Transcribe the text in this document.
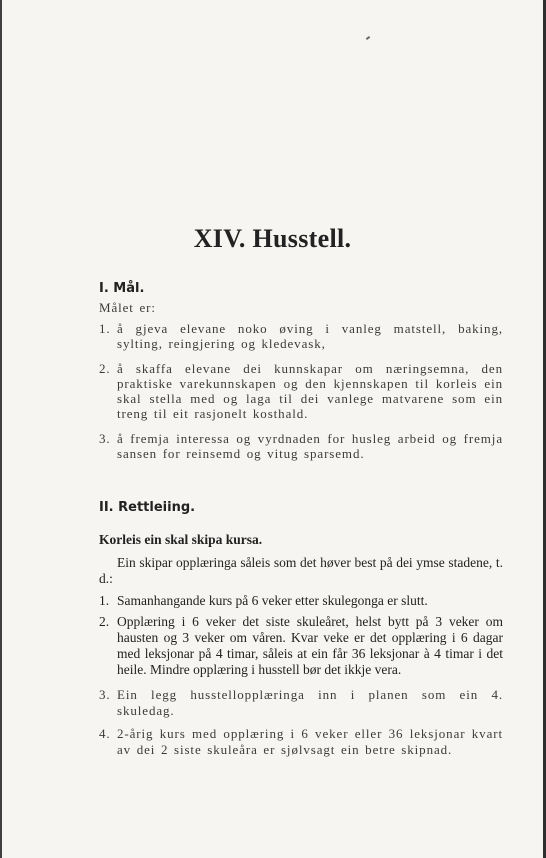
XIV. Husstell.
I. Mål.

Målet er:

1. å gjeva elevane noko øving i vanleg matstell, baking, sylting, reingjering og kledevask,
2. å skaffa elevane dei kunnskapar om næringsemna, den praktiske varekunnskapen og den kjennskapen til korleis ein skal stella med og laga til dei vanlege matvarene som ein treng til eit rasjonelt kosthald.
3. å fremja interessa og vyrdnaden for husleg arbeid og fremja sansen for reinsemd og vitug sparsemd.
II. Rettleiing.
Korleis ein skal skipa kursa.

Ein skipar opplæringa såleis som det høver best på dei ymse stadene, t. d.:

1. Samanhangande kurs på 6 veker etter skulegonga er slutt.
2. Opplæring i 6 veker det siste skuleåret, helst bytt på 3 veker om hausten og 3 veker om våren. Kvar veke er det opplæring i 6 dagar med leksjonar på 4 timar, såleis at ein får 36 leksjonar à 4 timar i det heile. Mindre opplæring i husstell bør det ikkje vera.
3. Ein legg husstellopplæringa inn i planen som ein 4. skuledag.
4. 2-årig kurs med opplæring i 6 veker eller 36 leksjonar kvart av dei 2 siste skuleåra er sjølvsagt ein betre skipnad.
